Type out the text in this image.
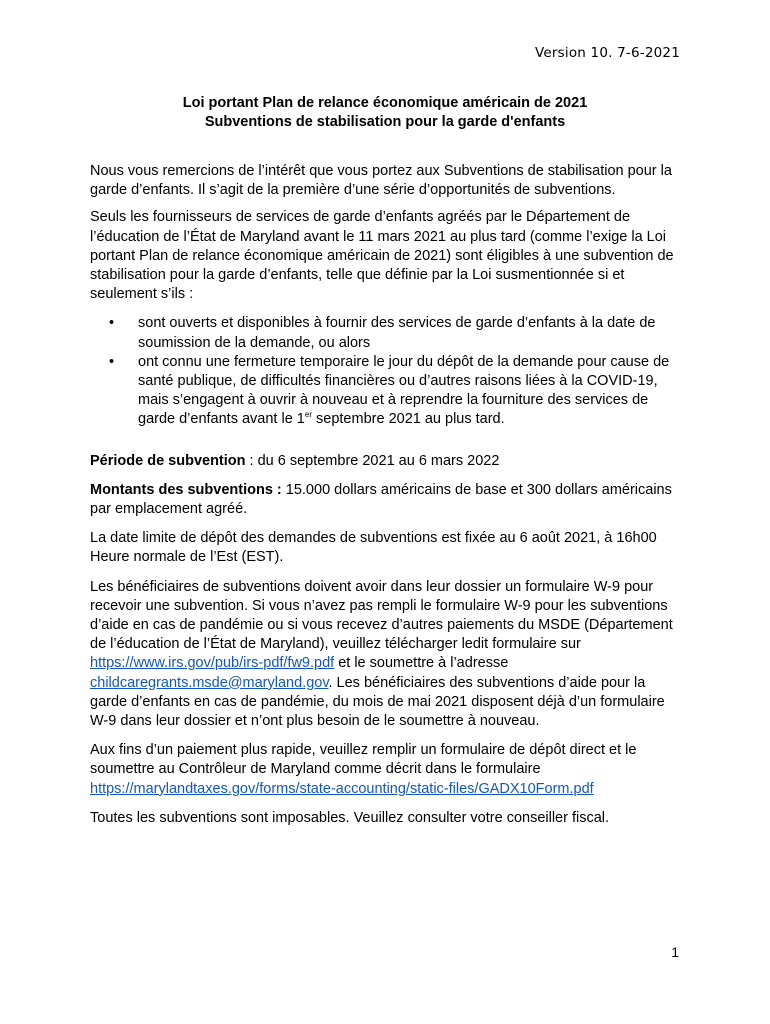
Version 10. 7-6-2021
Loi portant Plan de relance économique américain de 2021
Subventions de stabilisation pour la garde d'enfants

Nous vous remercions de l’intérêt que vous portez aux Subventions de stabilisation pour la garde d’enfants. Il s’agit de la première d’une série d’opportunités de subventions.

Seuls les fournisseurs de services de garde d’enfants agréés par le Département de l’éducation de l’État de Maryland avant le 11 mars 2021 au plus tard (comme l’exige la Loi portant Plan de relance économique américain de 2021) sont éligibles à une subvention de stabilisation pour la garde d’enfants, telle que définie par la Loi susmentionnée si et seulement s’ils :

• sont ouverts et disponibles à fournir des services de garde d’enfants à la date de soumission de la demande, ou alors
• ont connu une fermeture temporaire le jour du dépôt de la demande pour cause de santé publique, de difficultés financières ou d’autres raisons liées à la COVID-19, mais s’engagent à ouvrir à nouveau et à reprendre la fourniture des services de garde d’enfants avant le 1er septembre 2021 au plus tard.

Période de subvention : du 6 septembre 2021 au 6 mars 2022

Montants des subventions : 15.000 dollars américains de base et 300 dollars américains par emplacement agréé.

La date limite de dépôt des demandes de subventions est fixée au 6 août 2021, à 16h00 Heure normale de l’Est (EST).

Les bénéficiaires de subventions doivent avoir dans leur dossier un formulaire W-9 pour recevoir une subvention. Si vous n’avez pas rempli le formulaire W-9 pour les subventions d’aide en cas de pandémie ou si vous recevez d’autres paiements du MSDE (Département de l’éducation de l’État de Maryland), veuillez télécharger ledit formulaire sur https://www.irs.gov/pub/irs-pdf/fw9.pdf et le soumettre à l’adresse childcaregrants.msde@maryland.gov. Les bénéficiaires des subventions d’aide pour la garde d’enfants en cas de pandémie, du mois de mai 2021 disposent déjà d’un formulaire W-9 dans leur dossier et n’ont plus besoin de le soumettre à nouveau.

Aux fins d’un paiement plus rapide, veuillez remplir un formulaire de dépôt direct et le soumettre au Contrôleur de Maryland comme décrit dans le formulaire https://marylandtaxes.gov/forms/state-accounting/static-files/GADX10Form.pdf

Toutes les subventions sont imposables. Veuillez consulter votre conseiller fiscal.

1
